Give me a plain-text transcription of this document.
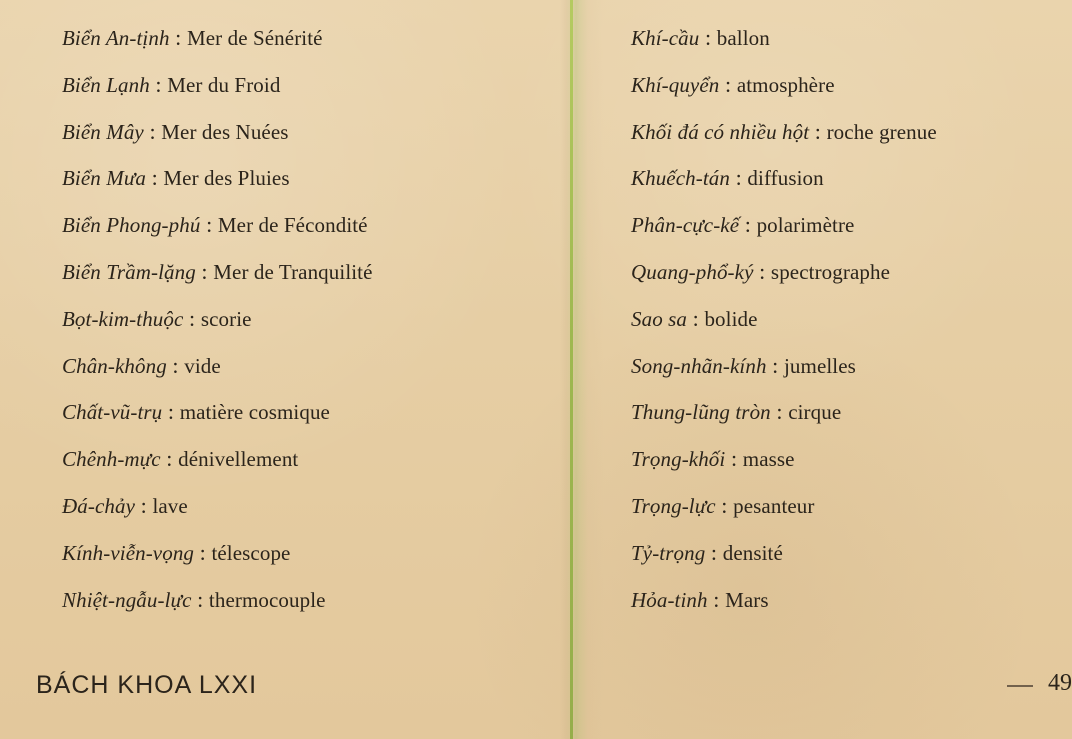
Biển An-tịnh : Mer de Sénérité
Biển Lạnh : Mer du Froid
Biển Mây : Mer des Nuées
Biển Mưa : Mer des Pluies
Biển Phong-phú : Mer de Fécondité
Biển Trầm-lặng : Mer de Tranquilité
Bọt-kim-thuộc : scorie
Chân-không : vide
Chất-vũ-trụ : matière cosmique
Chênh-mực : dénivellement
Đá-chảy : lave
Kính-viễn-vọng : télescope
Nhiệt-ngẫu-lực : thermocouple
Khí-cầu : ballon
Khí-quyển : atmosphère
Khối đá có nhiều hột : roche grenue
Khuếch-tán : diffusion
Phân-cực-kế : polarimètre
Quang-phổ-ký : spectrographe
Sao sa : bolide
Song-nhãn-kính : jumelles
Thung-lũng tròn : cirque
Trọng-khối : masse
Trọng-lực : pesanteur
Tỷ-trọng : densité
Hỏa-tinh : Mars
BÁCH KHOA LXXI	49
